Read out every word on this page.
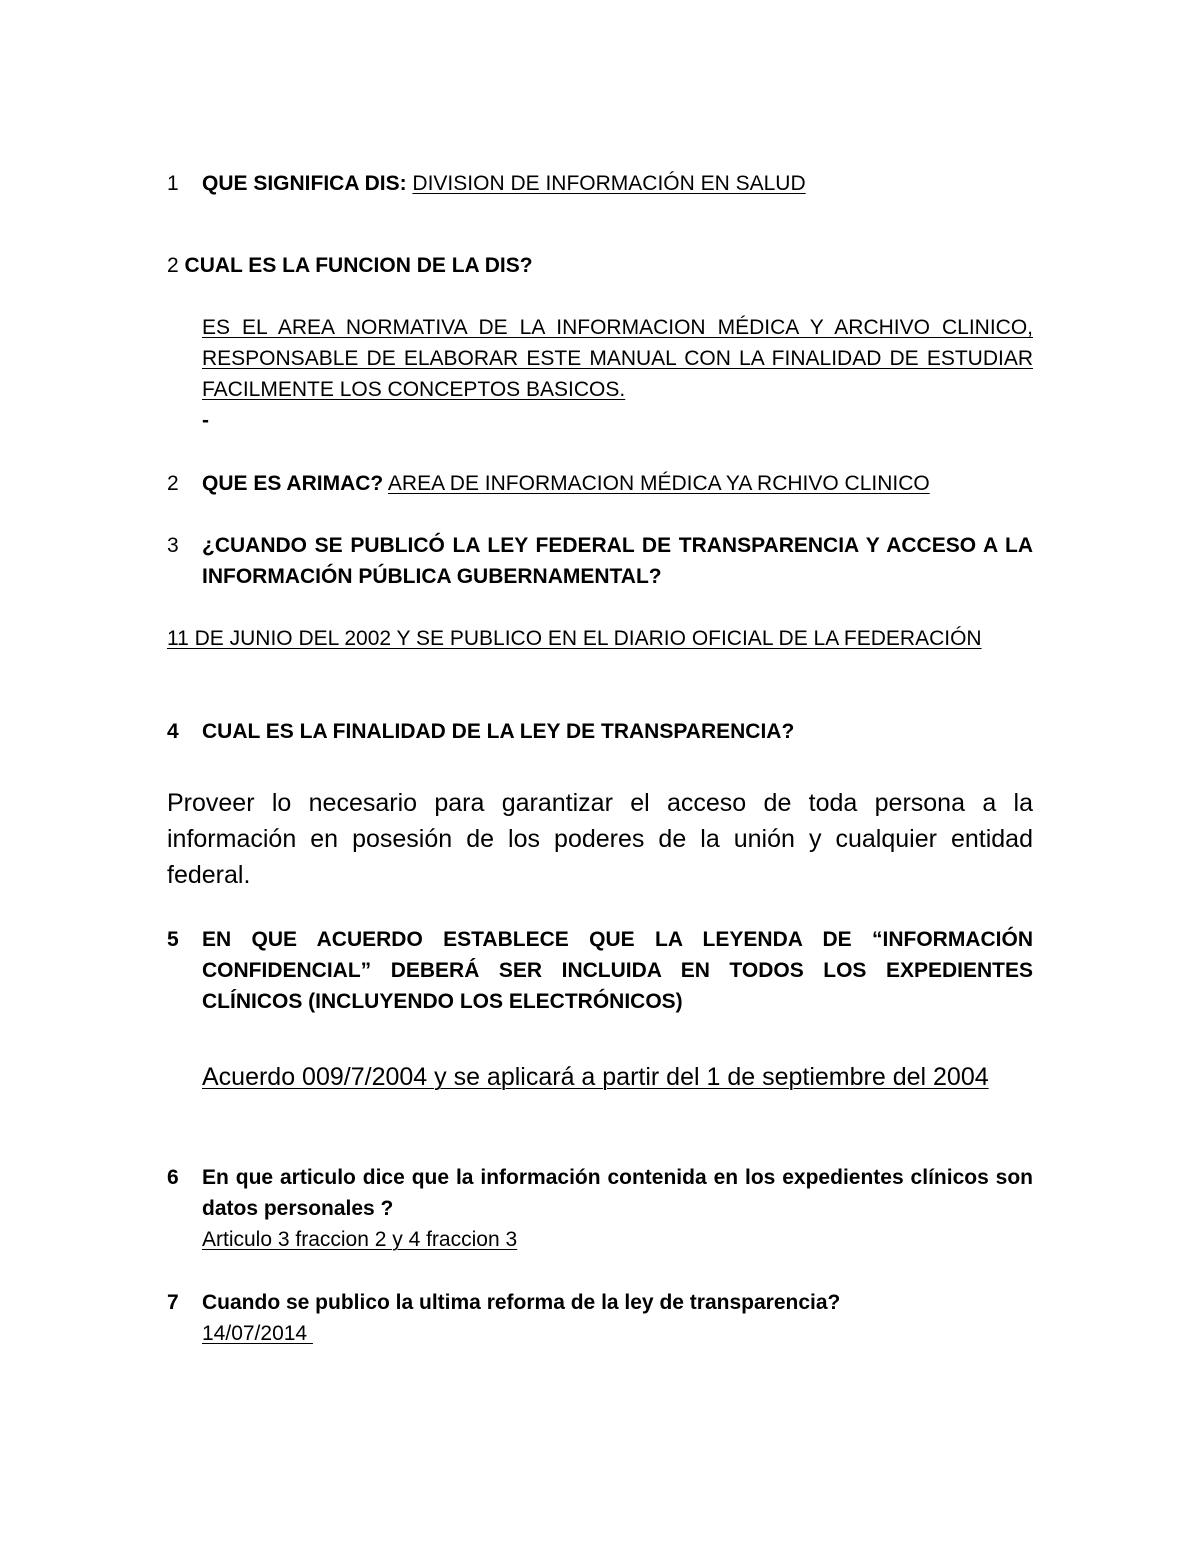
1 QUE SIGNIFICA DIS: DIVISION DE INFORMACIÓN EN SALUD
2 CUAL ES LA FUNCION DE LA DIS?
ES EL AREA NORMATIVA DE LA INFORMACION MÉDICA Y ARCHIVO CLINICO, RESPONSABLE DE ELABORAR ESTE MANUAL CON LA FINALIDAD DE ESTUDIAR FACILMENTE LOS CONCEPTOS BASICOS.
-
2 QUE ES ARIMAC? AREA DE INFORMACION MÉDICA YA RCHIVO CLINICO
3 ¿CUANDO SE PUBLICÓ LA LEY FEDERAL DE TRANSPARENCIA Y ACCESO A LA INFORMACIÓN PÚBLICA GUBERNAMENTAL?
11 DE JUNIO DEL 2002 Y SE PUBLICO EN EL DIARIO OFICIAL DE LA FEDERACIÓN
4 CUAL ES LA FINALIDAD DE LA LEY DE TRANSPARENCIA?
Proveer lo necesario para garantizar el acceso de toda persona a la información en posesión de los poderes de la unión y cualquier entidad federal.
5 EN QUE ACUERDO ESTABLECE QUE LA LEYENDA DE “INFORMACIÓN CONFIDENCIAL” DEBERÁ SER INCLUIDA EN TODOS LOS EXPEDIENTES CLÍNICOS (INCLUYENDO LOS ELECTRÓNICOS)
Acuerdo 009/7/2004 y se aplicará a partir del 1 de septiembre del 2004
6 En que articulo dice que la información contenida en los expedientes clínicos son datos personales ?
Articulo 3 fraccion 2 y 4 fraccion 3
7 Cuando se publico la ultima reforma de la ley de transparencia?
14/07/2014
